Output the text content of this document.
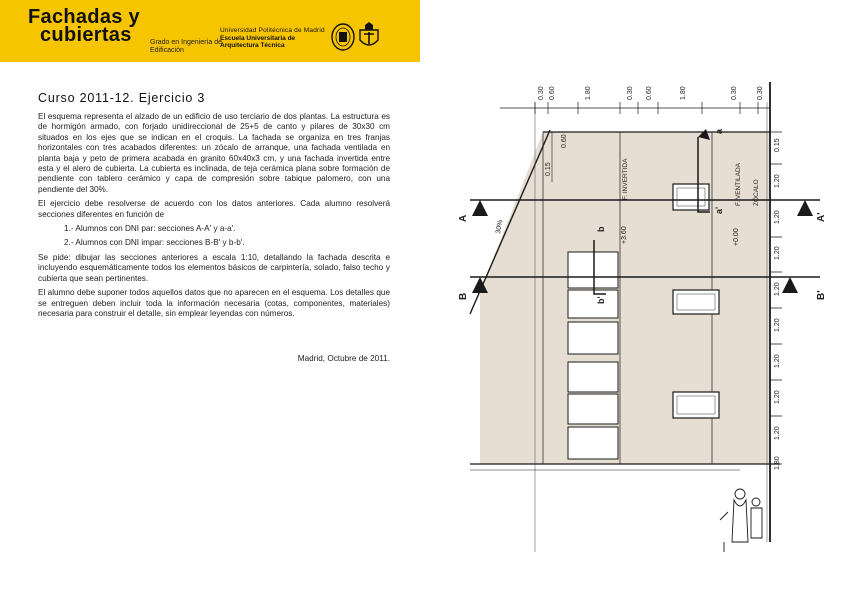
Fachadas y
cubiertas	Grado en Ingeniería de Edificación
Universidad Politécnica de Madrid
Escuela Universitaria de
Arquitectura Técnica
Curso 2011-12. Ejercicio 3

El esquema representa el alzado de un edificio de uso terciario de dos plantas. La estructura es de hormigón armado, con forjado unidireccional de 25+5 de canto y pilares de 30x30 cm situados en los ejes que se indican en el croquis. La fachada se organiza en tres franjas horizontales con tres acabados diferentes: un zócalo de arranque, una fachada ventilada en planta baja y peto de primera acabada en granito 60x40x3 cm, y una fachada invertida entre esta y el alero de cubierta. La cubierta es inclinada, de teja cerámica plana sobre formación de pendiente con tablero cerámico y capa de compresión sobre tabique palomero, con una pendiente del 30%.

El ejercicio debe resolverse de acuerdo con los datos anteriores. Cada alumno resolverá secciones diferentes en función de

1.- Alumnos con DNI par: secciones A-A' y a-a'.

2.- Alumnos con DNI impar: secciones B-B' y b-b'.

Se pide: dibujar las secciones anteriores a escala 1:10, detallando la fachada descrita e incluyendo esquemáticamente todos los elementos básicos de carpintería, solado, falso techo y cubierta que sean pertinentes.

El alumno debe suponer todos aquellos datos que no aparecen en el esquema. Los detalles que se entreguen deben incluir toda la información necesaria (cotas, componentes, materiales) necesaria para construir el detalle, sin emplear leyendas con números.

Madrid, Octubre de 2011.
0.30 0.60	1.80	0.30 0.60	1.80	0.30	0.30
0.15
1.20
1.20
1.20
1.20
1.20
1.20
1.20
1.20
1.80
0.60
0.15	F. INVERTIDA	F. VENTILADA	ZÓCALO
+3.60	+0.00
30%
A	A'
B	B'
a
a'
b
b'
